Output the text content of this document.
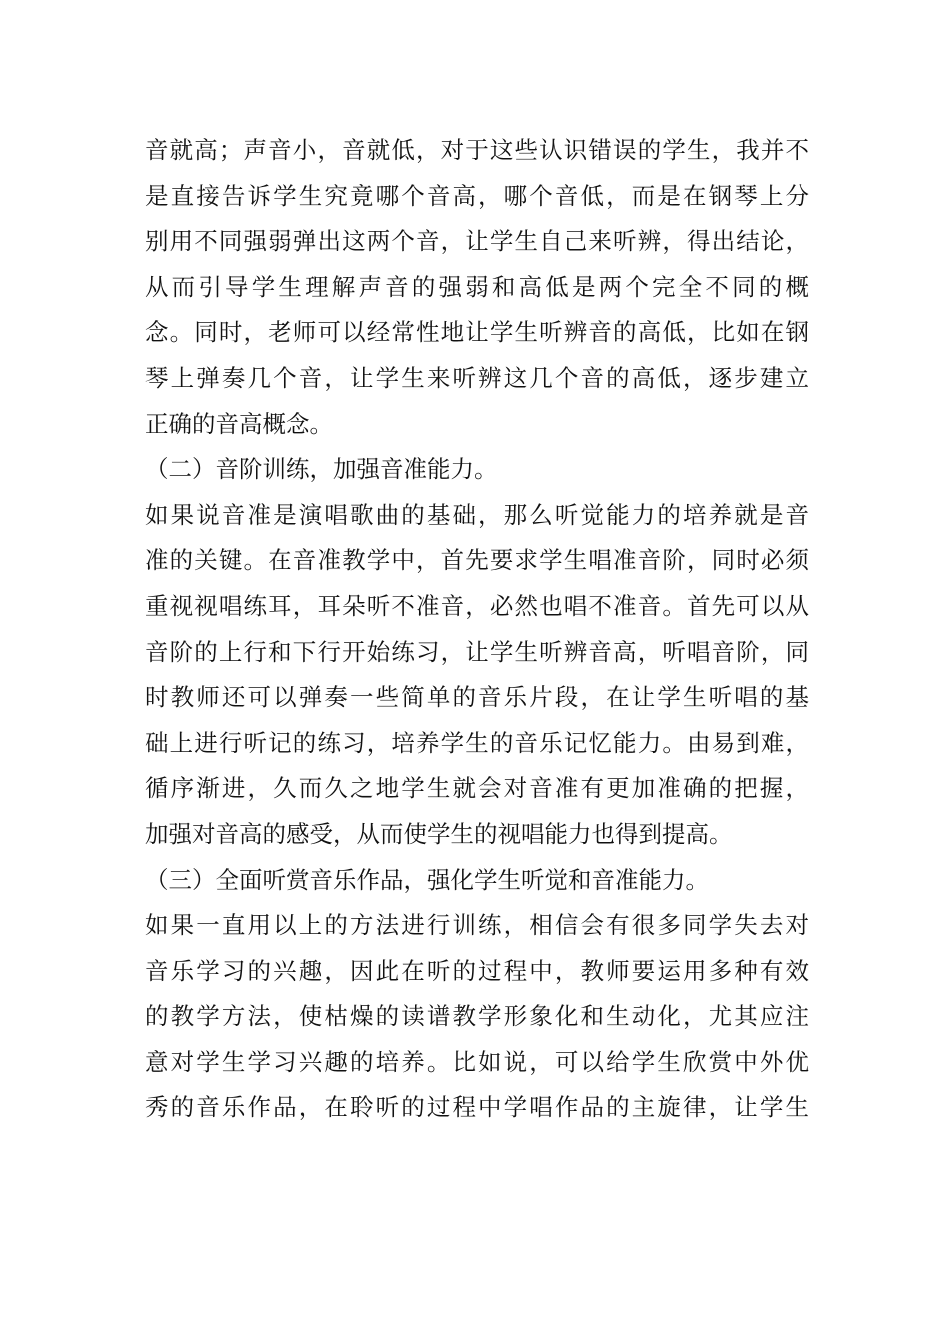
音就高；声音小，音就低，对于这些认识错误的学生，我并不
是直接告诉学生究竟哪个音高，哪个音低，而是在钢琴上分
别用不同强弱弹出这两个音，让学生自己来听辨，得出结论，
从而引导学生理解声音的强弱和高低是两个完全不同的概
念。同时，老师可以经常性地让学生听辨音的高低，比如在钢
琴上弹奏几个音，让学生来听辨这几个音的高低，逐步建立
正确的音高概念。
（二）音阶训练，加强音准能力。
如果说音准是演唱歌曲的基础，那么听觉能力的培养就是音
准的关键。在音准教学中，首先要求学生唱准音阶，同时必须
重视视唱练耳，耳朵听不准音，必然也唱不准音。首先可以从
音阶的上行和下行开始练习，让学生听辨音高，听唱音阶，同
时教师还可以弹奏一些简单的音乐片段，在让学生听唱的基
础上进行听记的练习，培养学生的音乐记忆能力。由易到难，
循序渐进，久而久之地学生就会对音准有更加准确的把握，
加强对音高的感受，从而使学生的视唱能力也得到提高。
（三）全面听赏音乐作品，强化学生听觉和音准能力。
如果一直用以上的方法进行训练，相信会有很多同学失去对
音乐学习的兴趣，因此在听的过程中，教师要运用多种有效
的教学方法，使枯燥的读谱教学形象化和生动化，尤其应注
意对学生学习兴趣的培养。比如说，可以给学生欣赏中外优
秀的音乐作品，在聆听的过程中学唱作品的主旋律，让学生
